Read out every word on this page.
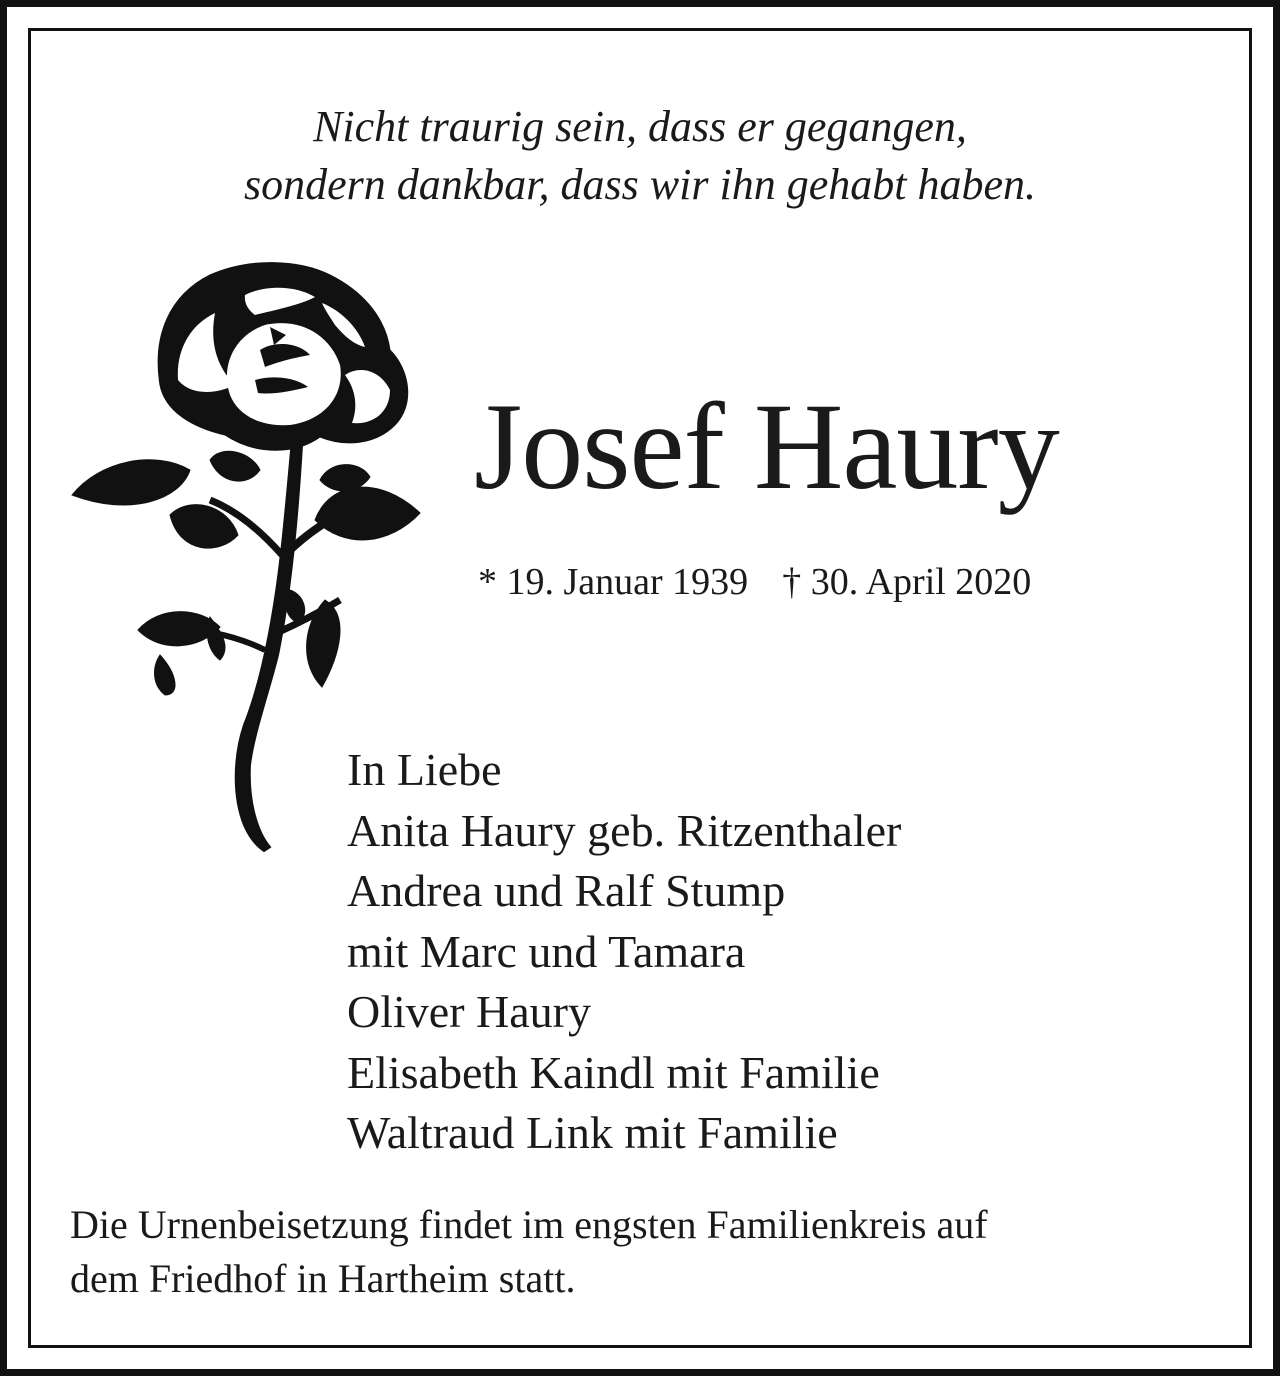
Nicht traurig sein, dass er gegangen,
sondern dankbar, dass wir ihn gehabt haben.
Josef Haury
* 19. Januar 1939 † 30. April 2020
In Liebe
Anita Haury geb. Ritzenthaler
Andrea und Ralf Stump
mit Marc und Tamara
Oliver Haury
Elisabeth Kaindl mit Familie
Waltraud Link mit Familie
Die Urnenbeisetzung findet im engsten Familienkreis auf
dem Friedhof in Hartheim statt.
